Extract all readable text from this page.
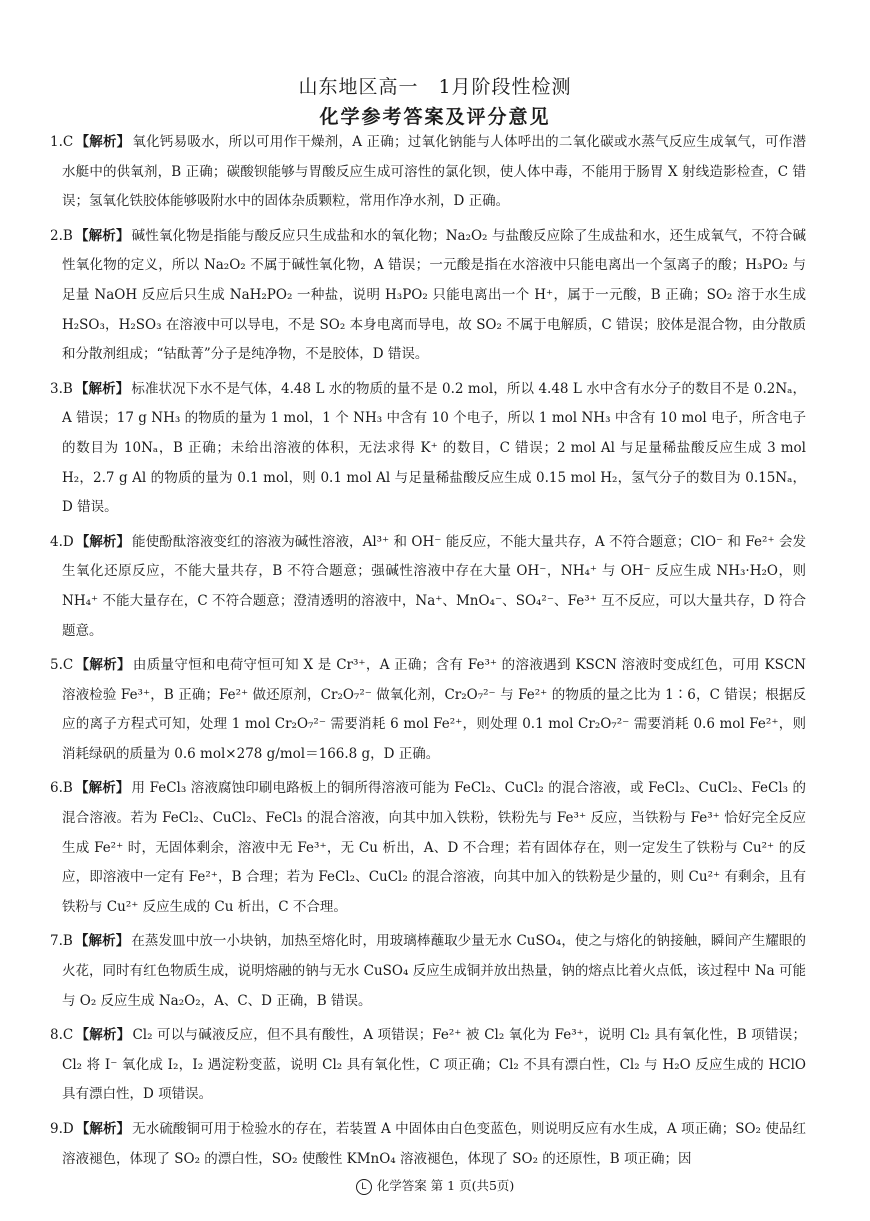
山东地区高一　1月阶段性检测
化学参考答案及评分意见
1.C 【解析】 氧化钙易吸水，所以可用作干燥剂，A 正确；过氧化钠能与人体呼出的二氧化碳或水蒸气反应生成氧气，可作潜水艇中的供氧剂，B 正确；碳酸钡能够与胃酸反应生成可溶性的氯化钡，使人体中毒，不能用于肠胃 X 射线造影检查，C 错误；氢氧化铁胶体能够吸附水中的固体杂质颗粒，常用作净水剂，D 正确。
2.B 【解析】 碱性氧化物是指能与酸反应只生成盐和水的氧化物；Na₂O₂ 与盐酸反应除了生成盐和水，还生成氧气，不符合碱性氧化物的定义，所以 Na₂O₂ 不属于碱性氧化物，A 错误；一元酸是指在水溶液中只能电离出一个氢离子的酸；H₃PO₂ 与足量 NaOH 反应后只生成 NaH₂PO₂ 一种盐，说明 H₃PO₂ 只能电离出一个 H⁺，属于一元酸，B 正确；SO₂ 溶于水生成 H₂SO₃，H₂SO₃ 在溶液中可以导电，不是 SO₂ 本身电离而导电，故 SO₂ 不属于电解质，C 错误；胶体是混合物，由分散质和分散剂组成；“钴酞菁”分子是纯净物，不是胶体，D 错误。
3.B 【解析】 标准状况下水不是气体，4.48 L 水的物质的量不是 0.2 mol，所以 4.48 L 水中含有水分子的数目不是 0.2Nₐ，A 错误；17 g NH₃ 的物质的量为 1 mol，1 个 NH₃ 中含有 10 个电子，所以 1 mol NH₃ 中含有 10 mol 电子，所含电子的数目为 10Nₐ，B 正确；未给出溶液的体积，无法求得 K⁺ 的数目，C 错误；2 mol Al 与足量稀盐酸反应生成 3 mol H₂，2.7 g Al 的物质的量为 0.1 mol，则 0.1 mol Al 与足量稀盐酸反应生成 0.15 mol H₂，氢气分子的数目为 0.15Nₐ，D 错误。
4.D 【解析】 能使酚酞溶液变红的溶液为碱性溶液，Al³⁺ 和 OH⁻ 能反应，不能大量共存，A 不符合题意；ClO⁻ 和 Fe²⁺ 会发生氧化还原反应，不能大量共存，B 不符合题意；强碱性溶液中存在大量 OH⁻，NH₄⁺ 与 OH⁻ 反应生成 NH₃·H₂O，则 NH₄⁺ 不能大量存在，C 不符合题意；澄清透明的溶液中，Na⁺、MnO₄⁻、SO₄²⁻、Fe³⁺ 互不反应，可以大量共存，D 符合题意。
5.C 【解析】 由质量守恒和电荷守恒可知 X 是 Cr³⁺，A 正确；含有 Fe³⁺ 的溶液遇到 KSCN 溶液时变成红色，可用 KSCN 溶液检验 Fe³⁺，B 正确；Fe²⁺ 做还原剂，Cr₂O₇²⁻ 做氧化剂，Cr₂O₇²⁻ 与 Fe²⁺ 的物质的量之比为 1∶6，C 错误；根据反应的离子方程式可知，处理 1 mol Cr₂O₇²⁻ 需要消耗 6 mol Fe²⁺，则处理 0.1 mol Cr₂O₇²⁻ 需要消耗 0.6 mol Fe²⁺，则消耗绿矾的质量为 0.6 mol×278 g/mol＝166.8 g，D 正确。
6.B 【解析】 用 FeCl₃ 溶液腐蚀印刷电路板上的铜所得溶液可能为 FeCl₂、CuCl₂ 的混合溶液，或 FeCl₂、CuCl₂、FeCl₃ 的混合溶液。若为 FeCl₂、CuCl₂、FeCl₃ 的混合溶液，向其中加入铁粉，铁粉先与 Fe³⁺ 反应，当铁粉与 Fe³⁺ 恰好完全反应生成 Fe²⁺ 时，无固体剩余，溶液中无 Fe³⁺，无 Cu 析出，A、D 不合理；若有固体存在，则一定发生了铁粉与 Cu²⁺ 的反应，即溶液中一定有 Fe²⁺，B 合理；若为 FeCl₂、CuCl₂ 的混合溶液，向其中加入的铁粉是少量的，则 Cu²⁺ 有剩余，且有铁粉与 Cu²⁺ 反应生成的 Cu 析出，C 不合理。
7.B 【解析】 在蒸发皿中放一小块钠，加热至熔化时，用玻璃棒蘸取少量无水 CuSO₄，使之与熔化的钠接触，瞬间产生耀眼的火花，同时有红色物质生成，说明熔融的钠与无水 CuSO₄ 反应生成铜并放出热量，钠的熔点比着火点低，该过程中 Na 可能与 O₂ 反应生成 Na₂O₂，A、C、D 正确，B 错误。
8.C 【解析】 Cl₂ 可以与碱液反应，但不具有酸性，A 项错误；Fe²⁺ 被 Cl₂ 氧化为 Fe³⁺，说明 Cl₂ 具有氧化性，B 项错误；Cl₂ 将 I⁻ 氧化成 I₂，I₂ 遇淀粉变蓝，说明 Cl₂ 具有氧化性，C 项正确；Cl₂ 不具有漂白性，Cl₂ 与 H₂O 反应生成的 HClO 具有漂白性，D 项错误。
9.D 【解析】 无水硫酸铜可用于检验水的存在，若装置 A 中固体由白色变蓝色，则说明反应有水生成，A 项正确；SO₂ 使品红溶液褪色，体现了 SO₂ 的漂白性，SO₂ 使酸性 KMnO₄ 溶液褪色，体现了 SO₂ 的还原性，B 项正确；因
L 化学答案 第 1 页(共5页)
